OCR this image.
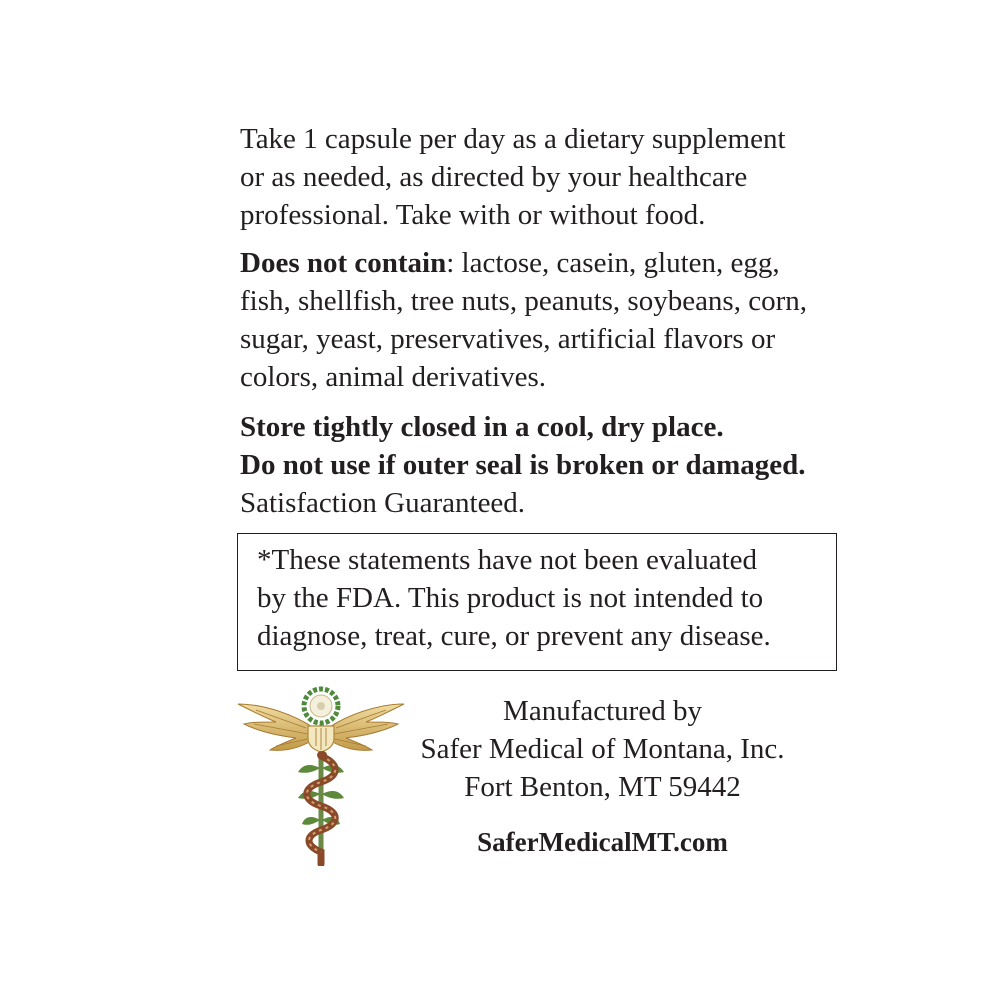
Take 1 capsule per day as a dietary supplement
or as needed, as directed by your healthcare
professional. Take with or without food.

Does not contain: lactose, casein, gluten, egg,
fish, shellfish, tree nuts, peanuts, soybeans, corn,
sugar, yeast, preservatives, artificial flavors or
colors, animal derivatives.

Store tightly closed in a cool, dry place.
Do not use if outer seal is broken or damaged.
Satisfaction Guaranteed.

*These statements have not been evaluated
by the FDA. This product is not intended to
diagnose, treat, cure, or prevent any disease.
Manufactured by
Safer Medical of Montana, Inc.
Fort Benton, MT 59442
SaferMedicalMT.com
